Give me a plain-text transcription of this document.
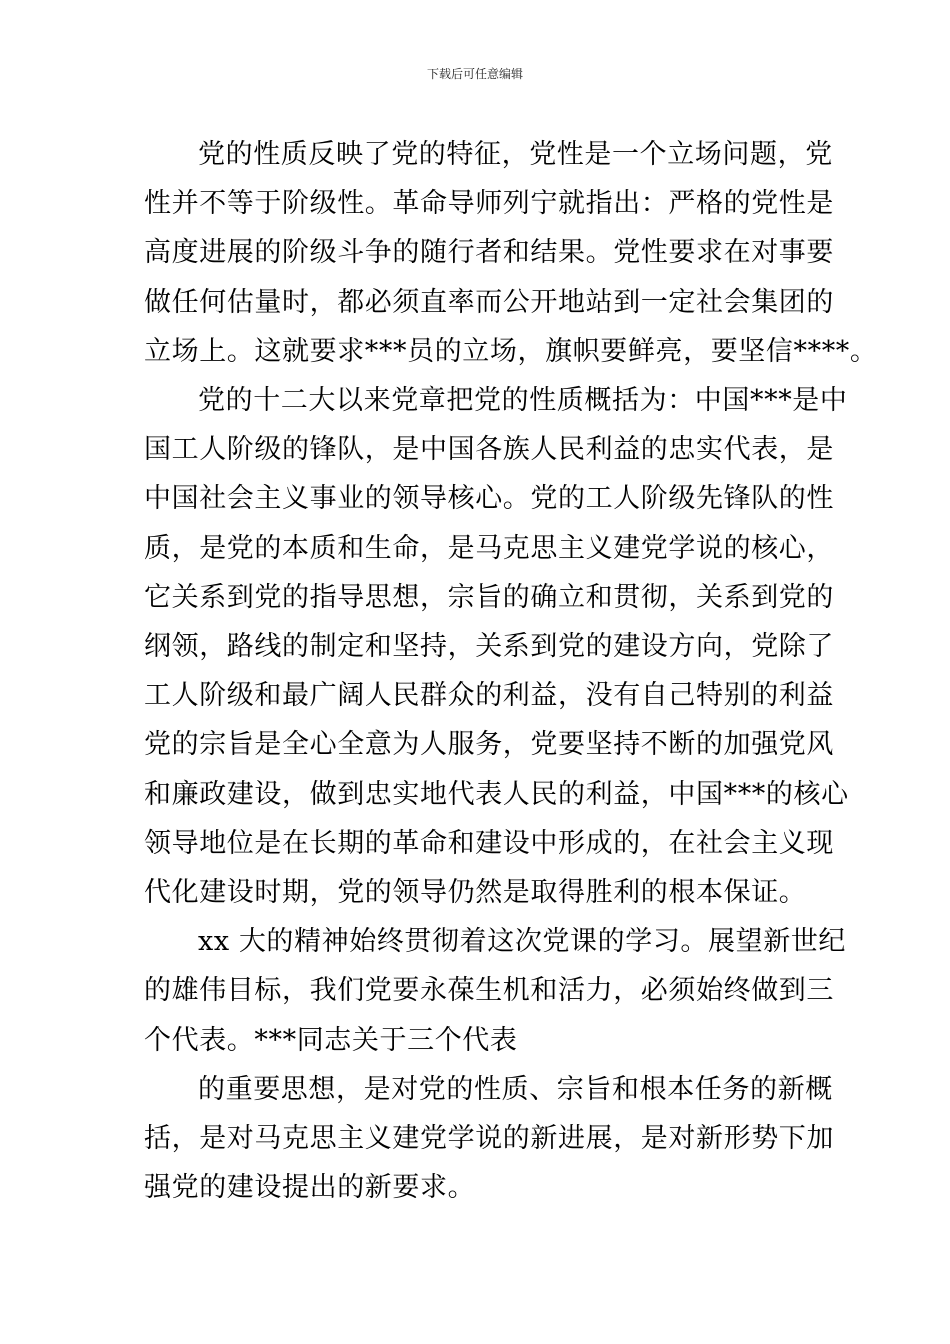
下载后可任意编辑

党的性质反映了党的特征，党性是一个立场问题，党
性并不等于阶级性。革命导师列宁就指出：严格的党性是
高度进展的阶级斗争的随行者和结果。党性要求在对事要
做任何估量时，都必须直率而公开地站到一定社会集团的
立场上。这就要求***员的立场，旗帜要鲜亮，要坚信****。

党的十二大以来党章把党的性质概括为：中国***是中
国工人阶级的锋队，是中国各族人民利益的忠实代表，是
中国社会主义事业的领导核心。党的工人阶级先锋队的性
质，是党的本质和生命，是马克思主义建党学说的核心，
它关系到党的指导思想，宗旨的确立和贯彻，关系到党的
纲领，路线的制定和坚持，关系到党的建设方向，党除了
工人阶级和最广阔人民群众的利益，没有自己特别的利益
党的宗旨是全心全意为人服务，党要坚持不断的加强党风
和廉政建设，做到忠实地代表人民的利益，中国***的核心
领导地位是在长期的革命和建设中形成的，在社会主义现
代化建设时期，党的领导仍然是取得胜利的根本保证。

xx 大的精神始终贯彻着这次党课的学习。展望新世纪
的雄伟目标，我们党要永葆生机和活力，必须始终做到三
个代表。***同志关于三个代表

的重要思想，是对党的性质、宗旨和根本任务的新概
括，是对马克思主义建党学说的新进展，是对新形势下加
强党的建设提出的新要求。
